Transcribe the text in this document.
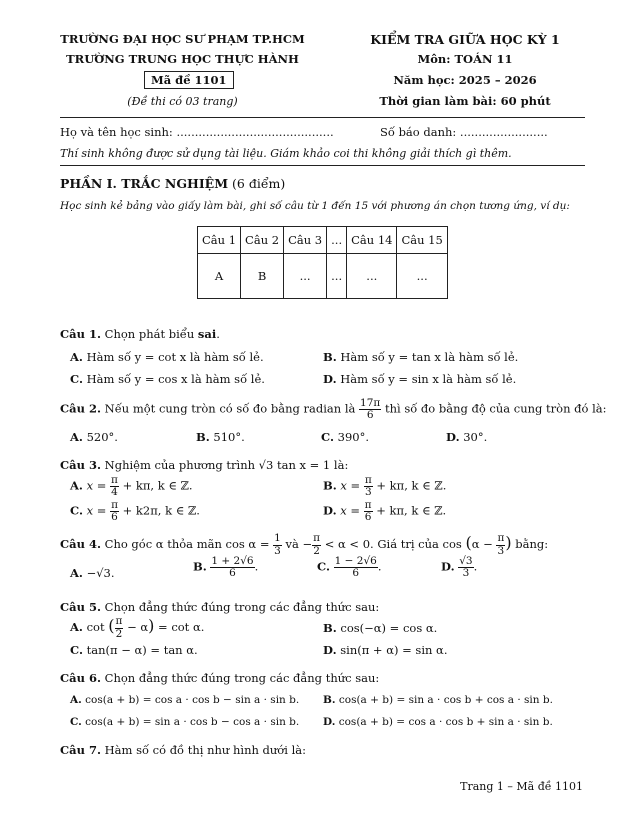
TRƯỜNG ĐẠI HỌC SƯ PHẠM TP.HCM
TRƯỜNG TRUNG HỌC THỰC HÀNH
Mã đề 1101
(Đề thi có 03 trang)
KIỂM TRA GIỮA HỌC KỲ 1
Môn: TOÁN 11
Năm học: 2025 – 2026
Thời gian làm bài: 60 phút
Họ và tên học sinh: ...........................................	Số báo danh: ........................
Thí sinh không được sử dụng tài liệu. Giám khảo coi thi không giải thích gì thêm.
PHẦN I. TRẮC NGHIỆM (6 điểm)
Học sinh kẻ bảng vào giấy làm bài, ghi số câu từ 1 đến 15 với phương án chọn tương ứng, ví dụ:
Câu 1	Câu 2	Câu 3	...	Câu 14	Câu 15
A	B	...	...	...	...
Câu 1. Chọn phát biểu sai.
A. Hàm số y = cot x là hàm số lẻ.	B. Hàm số y = tan x là hàm số lẻ.
C. Hàm số y = cos x là hàm số lẻ.	D. Hàm số y = sin x là hàm số lẻ.
Câu 2. Nếu một cung tròn có số đo bằng radian là $\frac{17\pi}{6}$ thì số đo bằng độ của cung tròn đó là:
A. 520°.	B. 510°.	C. 390°.	D. 30°.
Câu 3. Nghiệm của phương trình √3 tan x = 1 là:
A. $x = \frac{\pi}{4} + k\pi$, k ∈ ℤ.	B. $x = \frac{\pi}{3} + k\pi$, k ∈ ℤ.
C. $x = \frac{\pi}{6} + k2\pi$, k ∈ ℤ.	D. $x = \frac{\pi}{6} + k\pi$, k ∈ ℤ.
Câu 4. Cho góc α thỏa mãn $\cos \alpha = \frac{1}{3}$ và − $\frac{\pi}{2} < \alpha < 0$. Giá trị của $\cos (\alpha - \frac{\pi}{3}$ ) bằng:
A. −√3.	B. $\frac{1 + 2√6}{6}$ .	C. $\frac{1 - 2√6}{6}$ .	D. $\frac{√3}{3}$ .
Câu 5. Chọn đẳng thức đúng trong các đẳng thức sau:
A. cot ( $\frac{\pi}{2} - \alpha) = \cot \alpha$.	B. cos(−α) = cos α.
C. tan(π − α) = tan α.	D. sin(π + α) = sin α.
Câu 6. Chọn đẳng thức đúng trong các đẳng thức sau:
A. cos(a + b) = cos a · cos b − sin a · sin b. B. cos(a + b) = sin a · cos b + cos a · sin b.
C. cos(a + b) = sin a · cos b − cos a · sin b. D. cos(a + b) = cos a · cos b + sin a · sin b.
Câu 7. Hàm số có đồ thị như hình dưới là:
Trang 1 – Mã đề 1101
